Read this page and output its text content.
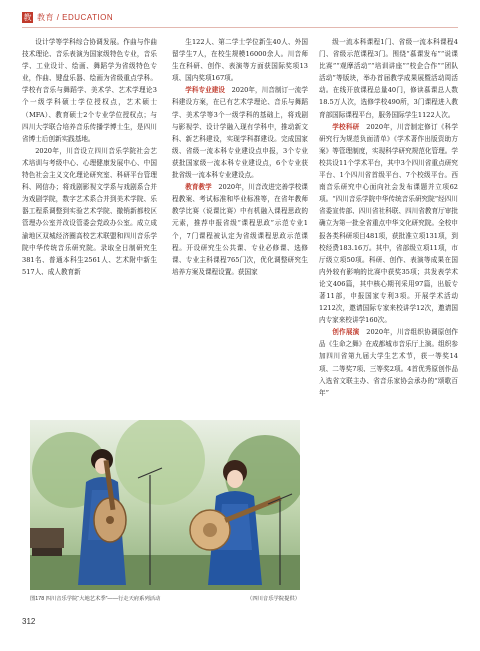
教 教育 / EDUCATION

设计学等学科综合协调发展。作曲与作曲技术理论、音乐表演为国家级特色专业，音乐学、工业设计、绘画、舞蹈学为省级特色专业，作曲、键盘乐器、绘画为省级重点学科。学校有音乐与舞蹈学、美术学、艺术学理论3个一级学科硕士学位授权点，艺术硕士（MFA）、教育硕士2个专业学位授权点；与四川大学联合培养音乐传播学博士生，是四川省博士后创新实践基地。

2020年，川音设立四川音乐学院社会艺术培训与考级中心、心理健康发展中心、中国特色社会主义文化理论研究室、科研平台管理科、网信办；将戏剧影视文学系与戏剧系合并为戏剧学院，数字艺术系合并到美术学院、乐器工程系调整到实验艺术学院、撤销新都校区管理办公室并改设管委会党政办公室。成立成渝地区双城经济圈高校艺术联盟和四川音乐学院中华传统音乐研究院。录取全日制研究生381名、普通本科生2561人、艺术附中新生517人、成人教育新

生122人、第二学士学位新生40人、外国留学生7人，在校生规模16000余人。川音师生在科研、创作、表演等方面获国际奖项13项、国内奖项167项。

学科专业建设　 2020年，川音制订一流学科建设方案，在已有艺术学理论、音乐与舞蹈学、美术学等3个一级学科的基础上，将戏剧与影视学、设计学融入现有学科中，推动新文科、新艺科建设，实现学科群建设。完成国家级、省级一流本科专业建设点申报，3个专业获批国家级一流本科专业建设点，6个专业获批省级一流本科专业建设点。

教育教学　 2020年，川音改进完善学校课程教案、考试标准和毕业标准等，在省年教师教学比赛（说课比赛）中有机融入课程思政的元素，推荐申报省级“课程思政”示范专业1个，7门课程被认定为省级课程思政示范课程。开设研究生公共课、专业必修课、选修课、专业主科课程765门次，优化调整研究生培养方案及课程设置。获国家

级一流本科课程1门、省级一流本科课程4门、省级示范课程3门。围绕“慕课发布”“说课比赛”“观摩活动”“培训讲座”“校企合作”“团队活动”等版块，举办首届教学成果展暨活动周活动。在线开放课程总量40门，修读慕课总人数18.5万人次，选修学校490所，3门课程进入教育部国际课程平台，服务国际学生1122人次。

学校科研　 2020年，川音制定修订《科学研究行为规范负面清单》《学术著作出版资助方案》等管理制度，实现科学研究规范化管理。学校共设11个学术平台，其中3个四川省重点研究平台、1个四川省首级平台、7个校级平台。西南音乐研究中心面向社会发布课题并立项62项。“四川音乐学院中华传统音乐研究院”经四川省委宣传部、四川省社科联、四川省教育厅审批确立为第一批全省重点中华文化研究院。全校申报各类科研项目481项，获批准立项131项，到校经费183.16万。其中，省部级立项11项，市厅级立项50项。科研、创作、表演等成果在国内外较有影响的比赛中获奖35项；共发表学术论文406篇，其中核心期刊采用97篇，出版专著11部，申报国家专利3项。开展学术活动1212次，邀请国际专家来校讲学12次，邀请国内专家来校讲学160次。

创作展演　 2020年，川音组织协调原创作品《生命之舞》在成都城市音乐厅上演。组织参加四川省第九届大学生艺术节，获一等奖14项、二等奖7项、三等奖2项。4首优秀原创作品入选省文联主办、省音乐家协会承办的“颂歌百年”

图178 四川音乐学院“大地艺术季”——行走天府系列活动	（四川音乐学院提供）
312
